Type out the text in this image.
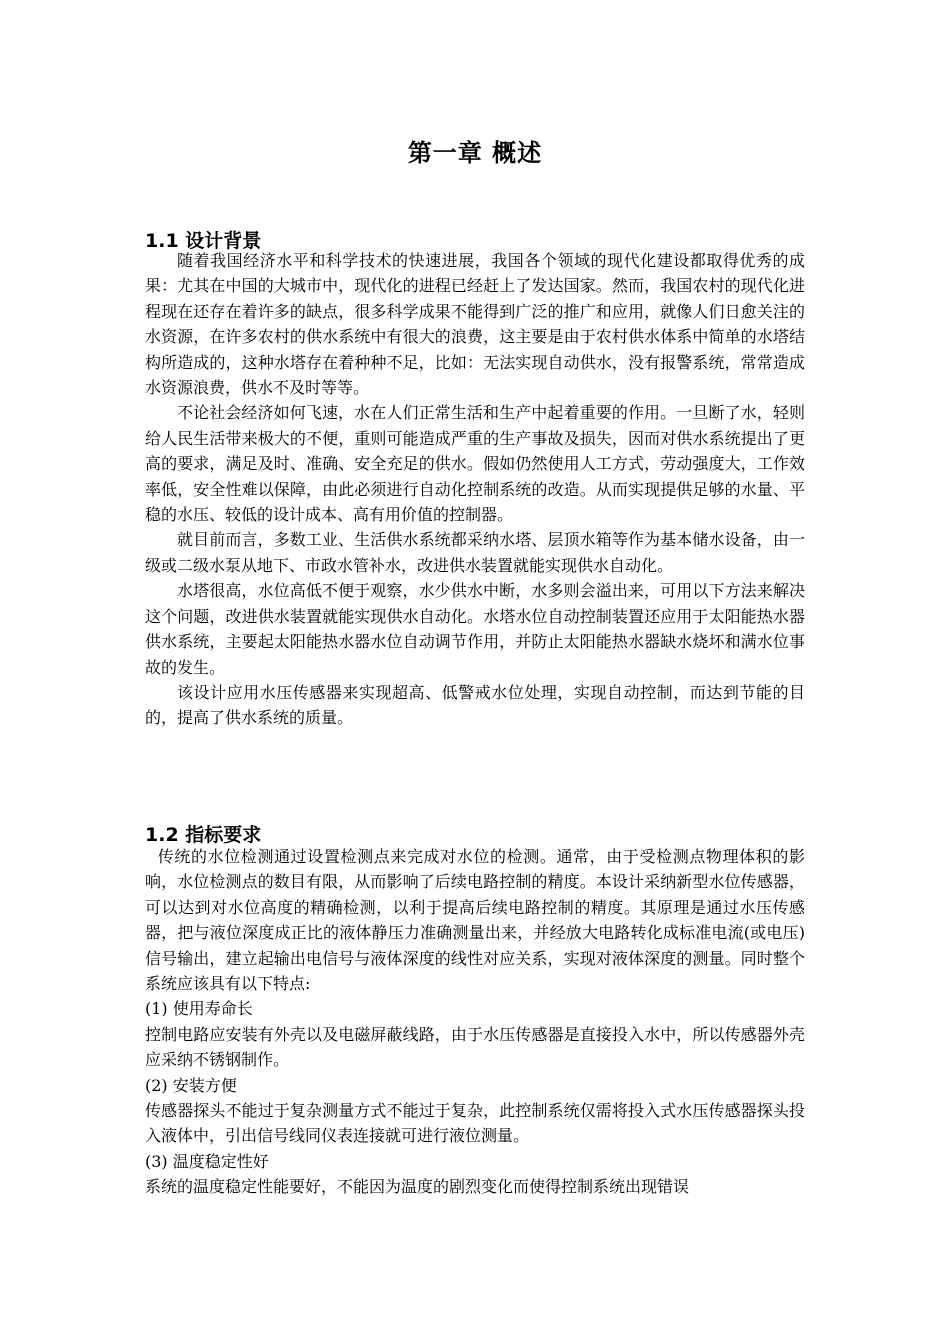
第一章 概述
1.1 设计背景

随着我国经济水平和科学技术的快速进展，我国各个领域的现代化建设都取得优秀的成果：尤其在中国的大城市中，现代化的进程已经赶上了发达国家。然而，我国农村的现代化进程现在还存在着许多的缺点，很多科学成果不能得到广泛的推广和应用，就像人们日愈关注的水资源，在许多农村的供水系统中有很大的浪费，这主要是由于农村供水体系中简单的水塔结构所造成的，这种水塔存在着种种不足，比如：无法实现自动供水，没有报警系统，常常造成水资源浪费，供水不及时等等。

不论社会经济如何飞速，水在人们正常生活和生产中起着重要的作用。一旦断了水，轻则给人民生活带来极大的不便，重则可能造成严重的生产事故及损失，因而对供水系统提出了更高的要求，满足及时、准确、安全充足的供水。假如仍然使用人工方式，劳动强度大，工作效率低，安全性难以保障，由此必须进行自动化控制系统的改造。从而实现提供足够的水量、平稳的水压、较低的设计成本、高有用价值的控制器。

就目前而言，多数工业、生活供水系统都采纳水塔、层顶水箱等作为基本储水设备，由一级或二级水泵从地下、市政水管补水，改进供水装置就能实现供水自动化。

水塔很高，水位高低不便于观察，水少供水中断，水多则会溢出来，可用以下方法来解决这个问题，改进供水装置就能实现供水自动化。水塔水位自动控制装置还应用于太阳能热水器供水系统，主要起太阳能热水器水位自动调节作用，并防止太阳能热水器缺水烧坏和满水位事故的发生。

该设计应用水压传感器来实现超高、低警戒水位处理，实现自动控制，而达到节能的目的，提高了供水系统的质量。

1.2 指标要求

传统的水位检测通过设置检测点来完成对水位的检测。通常，由于受检测点物理体积的影响，水位检测点的数目有限，从而影响了后续电路控制的精度。本设计采纳新型水位传感器，可以达到对水位高度的精确检测，以利于提高后续电路控制的精度。其原理是通过水压传感器，把与液位深度成正比的液体静压力准确测量出来，并经放大电路转化成标准电流(或电压)信号输出，建立起输出电信号与液体深度的线性对应关系，实现对液体深度的测量。同时整个系统应该具有以下特点:

(1) 使用寿命长

控制电路应安装有外壳以及电磁屏蔽线路，由于水压传感器是直接投入水中，所以传感器外壳应采纳不锈钢制作。

(2) 安装方便

传感器探头不能过于复杂测量方式不能过于复杂，此控制系统仅需将投入式水压传感器探头投入液体中，引出信号线同仪表连接就可进行液位测量。

(3) 温度稳定性好

系统的温度稳定性能要好，不能因为温度的剧烈变化而使得控制系统出现错误
